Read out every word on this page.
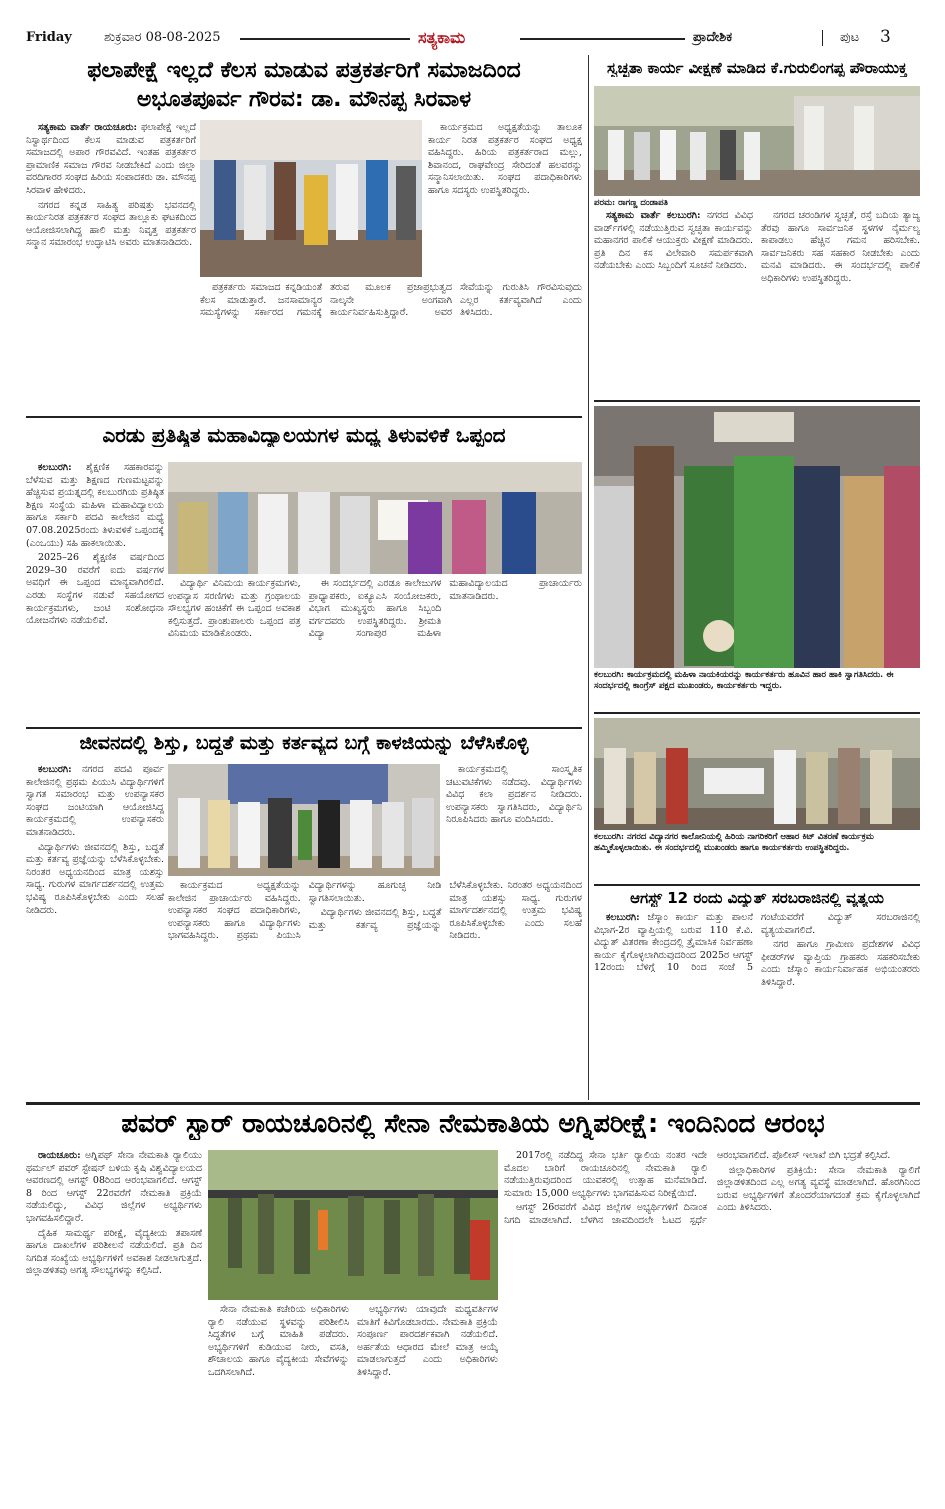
Friday ಶುಕ್ರವಾರ 08-08-2025	ಸತ್ಯಕಾಮ	ಪ್ರಾದೇಶಿಕ	ಪುಟ 3
ಫಲಾಪೇಕ್ಷೆ ಇಲ್ಲದೆ ಕೆಲಸ ಮಾಡುವ ಪತ್ರಕರ್ತರಿಗೆ ಸಮಾಜದಿಂದ
ಅಭೂತಪೂರ್ವ ಗೌರವ: ಡಾ. ಮೌನಪ್ಪ ಸಿರವಾಳ

ಸತ್ಯಕಾಮ ವಾರ್ತೆ ರಾಯಚೂರು: ಫಲಾಪೇಕ್ಷೆ ಇಲ್ಲದೆ ನಿಸ್ವಾರ್ಥದಿಂದ ಕೆಲಸ ಮಾಡುವ ಪತ್ರಕರ್ತರಿಗೆ ಸಮಾಜದಲ್ಲಿ ಅಪಾರ ಗೌರವವಿದೆ. ಇಂತಹ ಪತ್ರಕರ್ತರ ಪ್ರಾಮಾಣಿಕ ಸಮಾಜ ಗೌರವ ನೀಡಬೇಕಿದೆ ಎಂದು ಜಿಲ್ಲಾ ವರದಿಗಾರರ ಸಂಘದ ಹಿರಿಯ ಸಂಪಾದಕರು ಡಾ. ಮೌನಪ್ಪ ಸಿರವಾಳ ಹೇಳಿದರು.

ನಗರದ ಕನ್ನಡ ಸಾಹಿತ್ಯ ಪರಿಷತ್ತು ಭವನದಲ್ಲಿ ಕಾರ್ಯನಿರತ ಪತ್ರಕರ್ತರ ಸಂಘದ ತಾಲ್ಲೂಕು ಘಟಕದಿಂದ ಆಯೋಜಿಸಲಾಗಿದ್ದ ಹಾಲಿ ಮತ್ತು ನಿವೃತ್ತ ಪತ್ರಕರ್ತರ ಸನ್ಮಾನ ಸಮಾರಂಭ ಉದ್ಘಾಟಿಸಿ ಅವರು ಮಾತನಾಡಿದರು.

ಕಾರ್ಯಕ್ರಮದ ಅಧ್ಯಕ್ಷತೆಯನ್ನು ತಾಲೂಕ ಕಾರ್ಯ ನಿರತ ಪತ್ರಕರ್ತರ ಸಂಘದ ಅಧ್ಯಕ್ಷ ವಹಿಸಿದ್ದರು. ಹಿರಿಯ ಪತ್ರಕರ್ತರಾದ ಮಲ್ಲು, ಶಿವಾನಂದ, ರಾಘವೇಂದ್ರ ಸೇರಿದಂತೆ ಹಲವರನ್ನು ಸನ್ಮಾನಿಸಲಾಯಿತು. ಸಂಘದ ಪದಾಧಿಕಾರಿಗಳು ಹಾಗೂ ಸದಸ್ಯರು ಉಪಸ್ಥಿತರಿದ್ದರು.

ಪತ್ರಕರ್ತರು ಸಮಾಜದ ಕನ್ನಡಿಯಂತೆ ಕೆಲಸ ಮಾಡುತ್ತಾರೆ. ಜನಸಾಮಾನ್ಯರ ಸಮಸ್ಯೆಗಳನ್ನು ಸರ್ಕಾರದ ಗಮನಕ್ಕೆ ತರುವ ಮೂಲಕ ಪ್ರಜಾಪ್ರಭುತ್ವದ ನಾಲ್ಕನೇ ಅಂಗವಾಗಿ ಕಾರ್ಯನಿರ್ವಹಿಸುತ್ತಿದ್ದಾರೆ. ಅವರ ಸೇವೆಯನ್ನು ಗುರುತಿಸಿ ಗೌರವಿಸುವುದು ಎಲ್ಲರ ಕರ್ತವ್ಯವಾಗಿದೆ ಎಂದು ತಿಳಿಸಿದರು.

ಎರಡು ಪ್ರತಿಷ್ಠಿತ ಮಹಾವಿದ್ಯಾಲಯಗಳ ಮಧ್ಯ ತಿಳುವಳಿಕೆ ಒಪ್ಪಂದ

ಕಲಬುರಗಿ: ಶೈಕ್ಷಣಿಕ ಸಹಕಾರವನ್ನು ಬೆಳೆಸುವ ಮತ್ತು ಶಿಕ್ಷಣದ ಗುಣಮಟ್ಟವನ್ನು ಹೆಚ್ಚಿಸುವ ಪ್ರಯತ್ನದಲ್ಲಿ ಕಲಬುರಗಿಯ ಪ್ರತಿಷ್ಠಿತ ಶಿಕ್ಷಣ ಸಂಸ್ಥೆಯ ಮಹಿಳಾ ಮಹಾವಿದ್ಯಾಲಯ ಹಾಗೂ ಸರ್ಕಾರಿ ಪದವಿ ಕಾಲೇಜಿನ ಮಧ್ಯೆ 07.08.2025ರಂದು ತಿಳುವಳಿಕೆ ಒಪ್ಪಂದಕ್ಕೆ (ಎಂಒಯು) ಸಹಿ ಹಾಕಲಾಯಿತು.

2025–26 ಶೈಕ್ಷಣಿಕ ವರ್ಷದಿಂದ 2029–30 ರವರೆಗೆ ಐದು ವರ್ಷಗಳ ಅವಧಿಗೆ ಈ ಒಪ್ಪಂದ ಮಾನ್ಯವಾಗಿರಲಿದೆ. ಎರಡು ಸಂಸ್ಥೆಗಳ ನಡುವೆ ಸಹಯೋಗದ ಕಾರ್ಯಕ್ರಮಗಳು, ಜಂಟಿ ಸಂಶೋಧನಾ ಯೋಜನೆಗಳು ನಡೆಯಲಿವೆ.

ವಿದ್ಯಾರ್ಥಿ ವಿನಿಮಯ ಕಾರ್ಯಕ್ರಮಗಳು, ಉಪನ್ಯಾಸ ಸರಣಿಗಳು ಮತ್ತು ಗ್ರಂಥಾಲಯ ಸೌಲಭ್ಯಗಳ ಹಂಚಿಕೆಗೆ ಈ ಒಪ್ಪಂದ ಅವಕಾಶ ಕಲ್ಪಿಸುತ್ತದೆ. ಪ್ರಾಂಶುಪಾಲರು ಒಪ್ಪಂದ ಪತ್ರ ವಿನಿಮಯ ಮಾಡಿಕೊಂಡರು.

ಈ ಸಂದರ್ಭದಲ್ಲಿ ಎರಡೂ ಕಾಲೇಜುಗಳ ಪ್ರಾಧ್ಯಾಪಕರು, ಐಕ್ಯೂಎಸಿ ಸಂಯೋಜಕರು, ವಿಭಾಗ ಮುಖ್ಯಸ್ಥರು ಹಾಗೂ ಸಿಬ್ಬಂದಿ ವರ್ಗದವರು ಉಪಸ್ಥಿತರಿದ್ದರು. ಶ್ರೀಮತಿ ವಿದ್ಯಾ ಸಂಗಾಪುರ ಮಹಿಳಾ ಮಹಾವಿದ್ಯಾಲಯದ ಪ್ರಾಚಾರ್ಯರು ಮಾತನಾಡಿದರು.

ಜೀವನದಲ್ಲಿ ಶಿಸ್ತು, ಬದ್ಧತೆ ಮತ್ತು ಕರ್ತವ್ಯದ ಬಗ್ಗೆ ಕಾಳಜಿಯನ್ನು ಬೆಳೆಸಿಕೊಳ್ಳಿ

ಕಲಬುರಗಿ: ನಗರದ ಪದವಿ ಪೂರ್ವ ಕಾಲೇಜಿನಲ್ಲಿ ಪ್ರಥಮ ಪಿಯುಸಿ ವಿದ್ಯಾರ್ಥಿಗಳಿಗೆ ಸ್ವಾಗತ ಸಮಾರಂಭ ಮತ್ತು ಉಪನ್ಯಾಸಕರ ಸಂಘದ ಜಂಟಿಯಾಗಿ ಆಯೋಜಿಸಿದ್ದ ಕಾರ್ಯಕ್ರಮದಲ್ಲಿ ಉಪನ್ಯಾಸಕರು ಮಾತನಾಡಿದರು.

ವಿದ್ಯಾರ್ಥಿಗಳು ಜೀವನದಲ್ಲಿ ಶಿಸ್ತು, ಬದ್ಧತೆ ಮತ್ತು ಕರ್ತವ್ಯ ಪ್ರಜ್ಞೆಯನ್ನು ಬೆಳೆಸಿಕೊಳ್ಳಬೇಕು. ನಿರಂತರ ಅಧ್ಯಯನದಿಂದ ಮಾತ್ರ ಯಶಸ್ಸು ಸಾಧ್ಯ. ಗುರುಗಳ ಮಾರ್ಗದರ್ಶನದಲ್ಲಿ ಉತ್ತಮ ಭವಿಷ್ಯ ರೂಪಿಸಿಕೊಳ್ಳಬೇಕು ಎಂದು ಸಲಹೆ ನೀಡಿದರು.

ಕಾರ್ಯಕ್ರಮದಲ್ಲಿ ಸಾಂಸ್ಕೃತಿಕ ಚಟುವಟಿಕೆಗಳು ನಡೆದವು. ವಿದ್ಯಾರ್ಥಿಗಳು ವಿವಿಧ ಕಲಾ ಪ್ರದರ್ಶನ ನೀಡಿದರು. ಉಪನ್ಯಾಸಕರು ಸ್ವಾಗತಿಸಿದರು, ವಿದ್ಯಾರ್ಥಿನಿ ನಿರೂಪಿಸಿದರು ಹಾಗೂ ವಂದಿಸಿದರು.

ಕಾರ್ಯಕ್ರಮದ ಅಧ್ಯಕ್ಷತೆಯನ್ನು ಕಾಲೇಜಿನ ಪ್ರಾಚಾರ್ಯರು ವಹಿಸಿದ್ದರು. ಉಪನ್ಯಾಸಕರ ಸಂಘದ ಪದಾಧಿಕಾರಿಗಳು, ಉಪನ್ಯಾಸಕರು ಹಾಗೂ ವಿದ್ಯಾರ್ಥಿಗಳು ಭಾಗವಹಿಸಿದ್ದರು. ಪ್ರಥಮ ಪಿಯುಸಿ ವಿದ್ಯಾರ್ಥಿಗಳನ್ನು ಹೂಗುಚ್ಛ ನೀಡಿ ಸ್ವಾಗತಿಸಲಾಯಿತು.

ವಿದ್ಯಾರ್ಥಿಗಳು ಜೀವನದಲ್ಲಿ ಶಿಸ್ತು, ಬದ್ಧತೆ ಮತ್ತು ಕರ್ತವ್ಯ ಪ್ರಜ್ಞೆಯನ್ನು ಬೆಳೆಸಿಕೊಳ್ಳಬೇಕು. ನಿರಂತರ ಅಧ್ಯಯನದಿಂದ ಮಾತ್ರ ಯಶಸ್ಸು ಸಾಧ್ಯ. ಗುರುಗಳ ಮಾರ್ಗದರ್ಶನದಲ್ಲಿ ಉತ್ತಮ ಭವಿಷ್ಯ ರೂಪಿಸಿಕೊಳ್ಳಬೇಕು ಎಂದು ಸಲಹೆ ನೀಡಿದರು.

ಸ್ವಚ್ಛತಾ ಕಾರ್ಯ ವೀಕ್ಷಣೆ ಮಾಡಿದ ಕೆ.ಗುರುಲಿಂಗಪ್ಪ ಪೌರಾಯುಕ್ತ
ಪರಮ: ರಾಗಣ್ಣ ದಂಡಾಪತಿ

ಸತ್ಯಕಾಮ ವಾರ್ತೆ ಕಲಬುರಗಿ: ನಗರದ ವಿವಿಧ ವಾರ್ಡ್‌ಗಳಲ್ಲಿ ನಡೆಯುತ್ತಿರುವ ಸ್ವಚ್ಛತಾ ಕಾರ್ಯವನ್ನು ಮಹಾನಗರ ಪಾಲಿಕೆ ಆಯುಕ್ತರು ವೀಕ್ಷಣೆ ಮಾಡಿದರು. ಪ್ರತಿ ದಿನ ಕಸ ವಿಲೇವಾರಿ ಸಮರ್ಪಕವಾಗಿ ನಡೆಯಬೇಕು ಎಂದು ಸಿಬ್ಬಂದಿಗೆ ಸೂಚನೆ ನೀಡಿದರು.

ನಗರದ ಚರಂಡಿಗಳ ಸ್ವಚ್ಛತೆ, ರಸ್ತೆ ಬದಿಯ ತ್ಯಾಜ್ಯ ತೆರವು ಹಾಗೂ ಸಾರ್ವಜನಿಕ ಸ್ಥಳಗಳ ನೈರ್ಮಲ್ಯ ಕಾಪಾಡಲು ಹೆಚ್ಚಿನ ಗಮನ ಹರಿಸಬೇಕು. ಸಾರ್ವಜನಿಕರು ಸಹ ಸಹಕಾರ ನೀಡಬೇಕು ಎಂದು ಮನವಿ ಮಾಡಿದರು. ಈ ಸಂದರ್ಭದಲ್ಲಿ ಪಾಲಿಕೆ ಅಧಿಕಾರಿಗಳು ಉಪಸ್ಥಿತರಿದ್ದರು.

ಕಲಬುರಗಿ: ಕಾರ್ಯಕ್ರಮದಲ್ಲಿ ಮಹಿಳಾ ನಾಯಕಿಯರನ್ನು ಕಾರ್ಯಕರ್ತರು ಹೂವಿನ ಹಾರ ಹಾಕಿ ಸ್ವಾಗತಿಸಿದರು. ಈ ಸಂದರ್ಭದಲ್ಲಿ ಕಾಂಗ್ರೆಸ್ ಪಕ್ಷದ ಮುಖಂಡರು, ಕಾರ್ಯಕರ್ತರು ಇದ್ದರು.
ಕಲಬುರಗಿ: ನಗರದ ವಿದ್ಯಾನಗರ ಕಾಲೋನಿಯಲ್ಲಿ ಹಿರಿಯ ನಾಗರಿಕರಿಗೆ ಆಹಾರ ಕಿಟ್ ವಿತರಣೆ ಕಾರ್ಯಕ್ರಮ ಹಮ್ಮಿಕೊಳ್ಳಲಾಯಿತು. ಈ ಸಂದರ್ಭದಲ್ಲಿ ಮುಖಂಡರು ಹಾಗೂ ಕಾರ್ಯಕರ್ತರು ಉಪಸ್ಥಿತರಿದ್ದರು.
ಆಗಸ್ಟ್ 12 ರಂದು ವಿದ್ಯುತ್ ಸರಬರಾಜಿನಲ್ಲಿ ವ್ಯತ್ಯಯ

ಕಲಬುರಗಿ: ಜೆಸ್ಕಾಂ ಕಾರ್ಯ ಮತ್ತು ಪಾಲನೆ ವಿಭಾಗ-2ರ ವ್ಯಾಪ್ತಿಯಲ್ಲಿ ಬರುವ 110 ಕೆ.ವಿ. ವಿದ್ಯುತ್ ವಿತರಣಾ ಕೇಂದ್ರದಲ್ಲಿ ತ್ರೈಮಾಸಿಕ ನಿರ್ವಹಣಾ ಕಾರ್ಯ ಕೈಗೊಳ್ಳಲಾಗಿರುವುದರಿಂದ 2025ರ ಆಗಸ್ಟ್ 12ರಂದು ಬೆಳಿಗ್ಗೆ 10 ರಿಂದ ಸಂಜೆ 5 ಗಂಟೆಯವರೆಗೆ ವಿದ್ಯುತ್ ಸರಬರಾಜಿನಲ್ಲಿ ವ್ಯತ್ಯಯವಾಗಲಿದೆ.

ನಗರ ಹಾಗೂ ಗ್ರಾಮೀಣ ಪ್ರದೇಶಗಳ ವಿವಿಧ ಫೀಡರ್‌ಗಳ ವ್ಯಾಪ್ತಿಯ ಗ್ರಾಹಕರು ಸಹಕರಿಸಬೇಕು ಎಂದು ಜೆಸ್ಕಾಂ ಕಾರ್ಯನಿರ್ವಾಹಕ ಅಭಿಯಂತರರು ತಿಳಿಸಿದ್ದಾರೆ.

ಪವರ್ ಸ್ಟಾರ್ ರಾಯಚೂರಿನಲ್ಲಿ ಸೇನಾ ನೇಮಕಾತಿಯ ಅಗ್ನಿಪರೀಕ್ಷೆ: ಇಂದಿನಿಂದ ಆರಂಭ

ರಾಯಚೂರು: ಅಗ್ನಿಪಥ್ ಸೇನಾ ನೇಮಕಾತಿ ರ‍್ಯಾಲಿಯು ಥರ್ಮಲ್ ಪವರ್ ಸ್ಟೇಷನ್ ಬಳಿಯ ಕೃಷಿ ವಿಶ್ವವಿದ್ಯಾಲಯದ ಆವರಣದಲ್ಲಿ ಆಗಸ್ಟ್ 08ರಿಂದ ಆರಂಭವಾಗಲಿದೆ. ಆಗಸ್ಟ್ 8 ರಿಂದ ಆಗಸ್ಟ್ 22ರವರೆಗೆ ನೇಮಕಾತಿ ಪ್ರಕ್ರಿಯೆ ನಡೆಯಲಿದ್ದು, ವಿವಿಧ ಜಿಲ್ಲೆಗಳ ಅಭ್ಯರ್ಥಿಗಳು ಭಾಗವಹಿಸಲಿದ್ದಾರೆ.

ದೈಹಿಕ ಸಾಮರ್ಥ್ಯ ಪರೀಕ್ಷೆ, ವೈದ್ಯಕೀಯ ತಪಾಸಣೆ ಹಾಗೂ ದಾಖಲೆಗಳ ಪರಿಶೀಲನೆ ನಡೆಯಲಿದೆ. ಪ್ರತಿ ದಿನ ನಿಗದಿತ ಸಂಖ್ಯೆಯ ಅಭ್ಯರ್ಥಿಗಳಿಗೆ ಅವಕಾಶ ನೀಡಲಾಗುತ್ತದೆ. ಜಿಲ್ಲಾಡಳಿತವು ಅಗತ್ಯ ಸೌಲಭ್ಯಗಳನ್ನು ಕಲ್ಪಿಸಿದೆ.

ಸೇನಾ ನೇಮಕಾತಿ ಕಚೇರಿಯ ಅಧಿಕಾರಿಗಳು ರ‍್ಯಾಲಿ ನಡೆಯುವ ಸ್ಥಳವನ್ನು ಪರಿಶೀಲಿಸಿ ಸಿದ್ಧತೆಗಳ ಬಗ್ಗೆ ಮಾಹಿತಿ ಪಡೆದರು. ಅಭ್ಯರ್ಥಿಗಳಿಗೆ ಕುಡಿಯುವ ನೀರು, ವಸತಿ, ಶೌಚಾಲಯ ಹಾಗೂ ವೈದ್ಯಕೀಯ ಸೇವೆಗಳನ್ನು ಒದಗಿಸಲಾಗಿದೆ.

ಅಭ್ಯರ್ಥಿಗಳು ಯಾವುದೇ ಮಧ್ಯವರ್ತಿಗಳ ಮಾತಿಗೆ ಕಿವಿಗೊಡಬಾರದು. ನೇಮಕಾತಿ ಪ್ರಕ್ರಿಯೆ ಸಂಪೂರ್ಣ ಪಾರದರ್ಶಕವಾಗಿ ನಡೆಯಲಿದೆ. ಅರ್ಹತೆಯ ಆಧಾರದ ಮೇಲೆ ಮಾತ್ರ ಆಯ್ಕೆ ಮಾಡಲಾಗುತ್ತದೆ ಎಂದು ಅಧಿಕಾರಿಗಳು ತಿಳಿಸಿದ್ದಾರೆ.

2017ರಲ್ಲಿ ನಡೆದಿದ್ದ ಸೇನಾ ಭರ್ತಿ ರ‍್ಯಾಲಿಯ ನಂತರ ಇದೇ ಮೊದಲ ಬಾರಿಗೆ ರಾಯಚೂರಿನಲ್ಲಿ ನೇಮಕಾತಿ ರ‍್ಯಾಲಿ ನಡೆಯುತ್ತಿರುವುದರಿಂದ ಯುವಕರಲ್ಲಿ ಉತ್ಸಾಹ ಮನೆಮಾಡಿದೆ. ಸುಮಾರು 15,000 ಅಭ್ಯರ್ಥಿಗಳು ಭಾಗವಹಿಸುವ ನಿರೀಕ್ಷೆಯಿದೆ.

ಆಗಸ್ಟ್ 26ರವರೆಗೆ ವಿವಿಧ ಜಿಲ್ಲೆಗಳ ಅಭ್ಯರ್ಥಿಗಳಿಗೆ ದಿನಾಂಕ ನಿಗದಿ ಮಾಡಲಾಗಿದೆ. ಬೆಳಗಿನ ಜಾವದಿಂದಲೇ ಓಟದ ಸ್ಪರ್ಧೆ ಆರಂಭವಾಗಲಿದೆ. ಪೊಲೀಸ್ ಇಲಾಖೆ ಬಿಗಿ ಭದ್ರತೆ ಕಲ್ಪಿಸಿದೆ.

ಜಿಲ್ಲಾಧಿಕಾರಿಗಳ ಪ್ರತಿಕ್ರಿಯೆ: ಸೇನಾ ನೇಮಕಾತಿ ರ‍್ಯಾಲಿಗೆ ಜಿಲ್ಲಾಡಳಿತದಿಂದ ಎಲ್ಲ ಅಗತ್ಯ ವ್ಯವಸ್ಥೆ ಮಾಡಲಾಗಿದೆ. ಹೊರಗಿನಿಂದ ಬರುವ ಅಭ್ಯರ್ಥಿಗಳಿಗೆ ತೊಂದರೆಯಾಗದಂತೆ ಕ್ರಮ ಕೈಗೊಳ್ಳಲಾಗಿದೆ ಎಂದು ತಿಳಿಸಿದರು.
